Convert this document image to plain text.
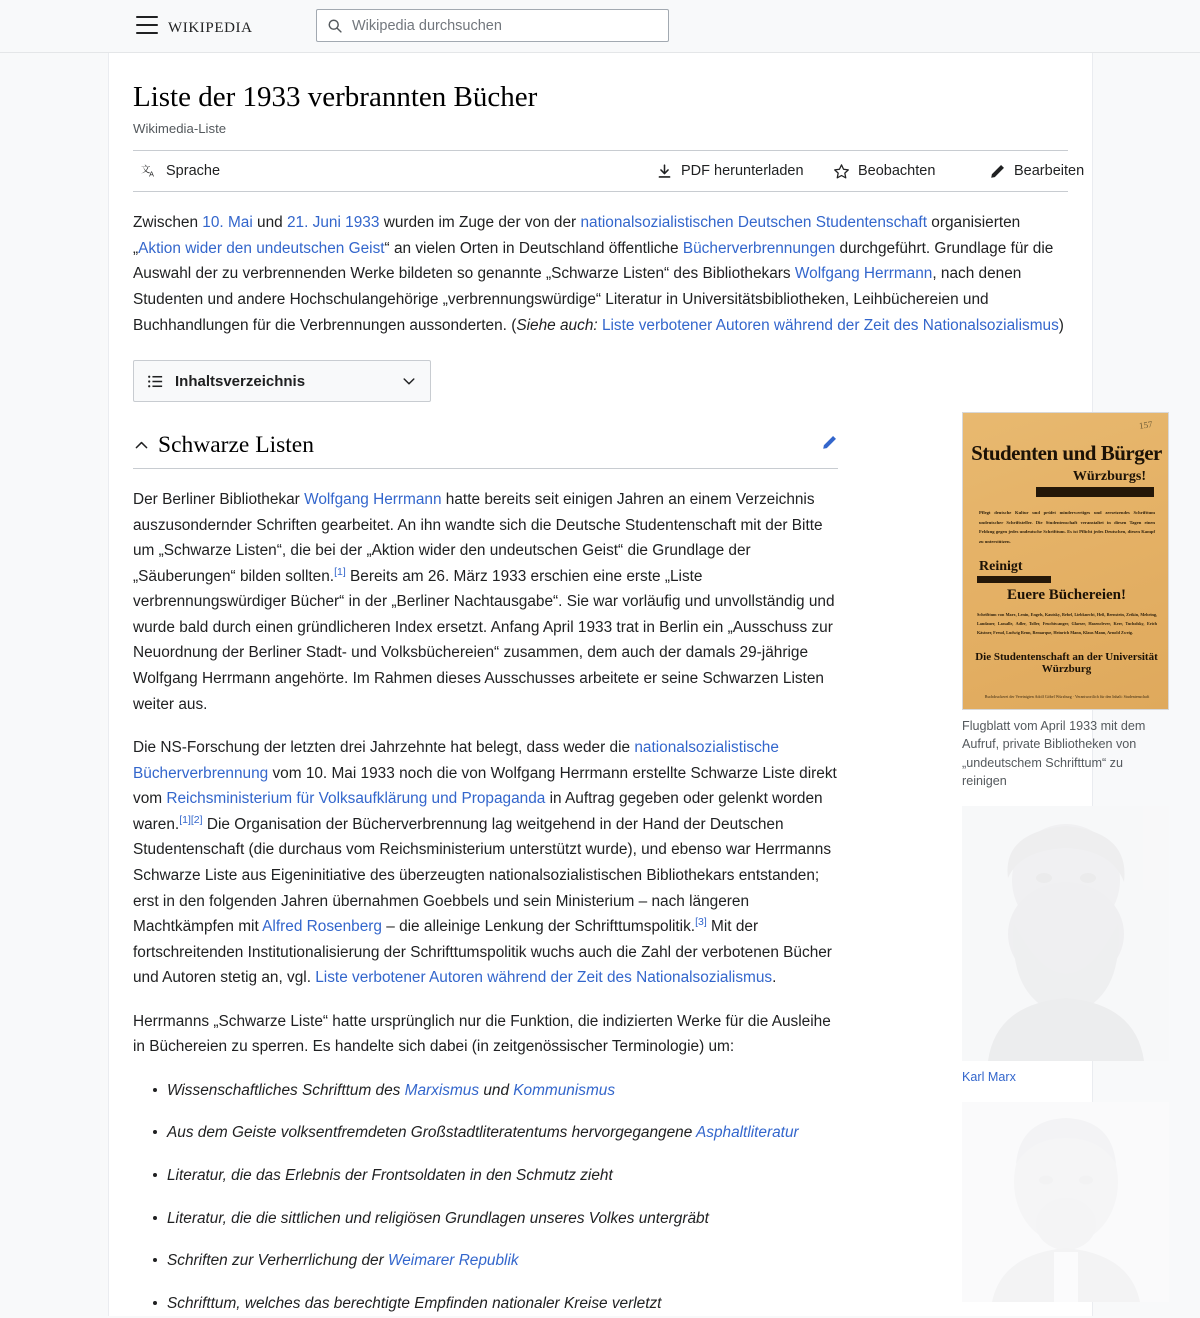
wikipedia	Wikipedia durchsuchen
Liste der 1933 verbrannten Bücher
Wikimedia-Liste
文
A Sprache	PDF herunterladen	Beobachten	Bearbeiten

Zwischen 10. Mai und 21. Juni 1933 wurden im Zuge der von der nationalsozialistischen Deutschen Studentenschaft organisierten „Aktion wider den undeutschen Geist“ an vielen Orten in Deutschland öffentliche Bücherverbrennungen durchgeführt. Grundlage für die Auswahl der zu verbrennenden Werke bildeten so genannte „Schwarze Listen“ des Bibliothekars Wolfgang Herrmann, nach denen Studenten und andere Hochschulangehörige „verbrennungswürdige“ Literatur in Universitätsbibliotheken, Leihbüchereien und Buchhandlungen für die Verbrennungen aussonderten. (Siehe auch: Liste verbotener Autoren während der Zeit des Nationalsozialismus)

Inhaltsverzeichnis
Schwarze Listen

Der Berliner Bibliothekar Wolfgang Herrmann hatte bereits seit einigen Jahren an einem Verzeichnis auszusondernder Schriften gearbeitet. An ihn wandte sich die Deutsche Studentenschaft mit der Bitte um „Schwarze Listen“, die bei der „Aktion wider den undeutschen Geist“ die Grundlage der „Säuberungen“ bilden sollten.[1] Bereits am 26. März 1933 erschien eine erste „Liste verbrennungswürdiger Bücher“ in der „Berliner Nachtausgabe“. Sie war vorläufig und unvollständig und wurde bald durch einen gründlicheren Index ersetzt. Anfang April 1933 trat in Berlin ein „Ausschuss zur Neuordnung der Berliner Stadt- und Volksbüchereien“ zusammen, dem auch der damals 29-jährige Wolfgang Herrmann angehörte. Im Rahmen dieses Ausschusses arbeitete er seine Schwarzen Listen weiter aus.

Die NS-Forschung der letzten drei Jahrzehnte hat belegt, dass weder die nationalsozialistische Bücherverbrennung vom 10. Mai 1933 noch die von Wolfgang Herrmann erstellte Schwarze Liste direkt vom Reichsministerium für Volksaufklärung und Propaganda in Auftrag gegeben oder gelenkt worden waren.[1][2] Die Organisation der Bücherverbrennung lag weitgehend in der Hand der Deutschen Studentenschaft (die durchaus vom Reichsministerium unterstützt wurde), und ebenso war Herrmanns Schwarze Liste aus Eigeninitiative des überzeugten nationalsozialistischen Bibliothekars entstanden; erst in den folgenden Jahren übernahmen Goebbels und sein Ministerium – nach längeren Machtkämpfen mit Alfred Rosenberg – die alleinige Lenkung der Schrifttumspolitik.[3] Mit der fortschreitenden Institutionalisierung der Schrifttumspolitik wuchs auch die Zahl der verbotenen Bücher und Autoren stetig an, vgl. Liste verbotener Autoren während der Zeit des Nationalsozialismus.

Herrmanns „Schwarze Liste“ hatte ursprünglich nur die Funktion, die indizierten Werke für die Ausleihe in Büchereien zu sperren. Es handelte sich dabei (in zeitgenössischer Terminologie) um:

Wissenschaftliches Schrifttum des Marxismus und Kommunismus
Aus dem Geiste volksentfremdeten Großstadtliteratentums hervorgegangene Asphaltliteratur
Literatur, die das Erlebnis der Frontsoldaten in den Schmutz zieht
Literatur, die die sittlichen und religiösen Grundlagen unseres Volkes untergräbt
Schriften zur Verherrlichung der Weimarer Republik
Schrifttum, welches das berechtigte Empfinden nationaler Kreise verletzt
157
Studenten und Bürger
Würzburgs!
Pflegt deutsche Kultur und prüfet minderwertiges und zersetzendes Schrifttum undeutscher Schriftsteller. Die Studentenschaft veranstaltet in diesen Tagen einen Feldzug gegen jedes undeutsche Schrifttum. Es ist Pflicht jedes Deutschen, diesen Kampf zu unterstützen.
Reinigt
Euere Büchereien!
Schrifttum von Marx, Lenin, Engels, Kautsky, Bebel, Liebknecht, Heß, Bernstein, Zetkin, Mehring, Landauer, Lassalle, Adler, Toller, Feuchtwanger, Glaeser, Hasenclever, Kerr, Tucholsky, Erich Kästner, Freud, Ludwig Renn, Remarque, Heinrich Mann, Klaus Mann, Arnold Zweig.
Die Studentenschaft an der Universität Würzburg
Buchdruckerei der Vereinigten Adolf Göbel Würzburg · Verantwortlich für den Inhalt: Studentenschaft
Flugblatt vom April 1933 mit dem Aufruf, private Bibliotheken von „undeutschem Schrifttum“ zu reinigen
Karl Marx
